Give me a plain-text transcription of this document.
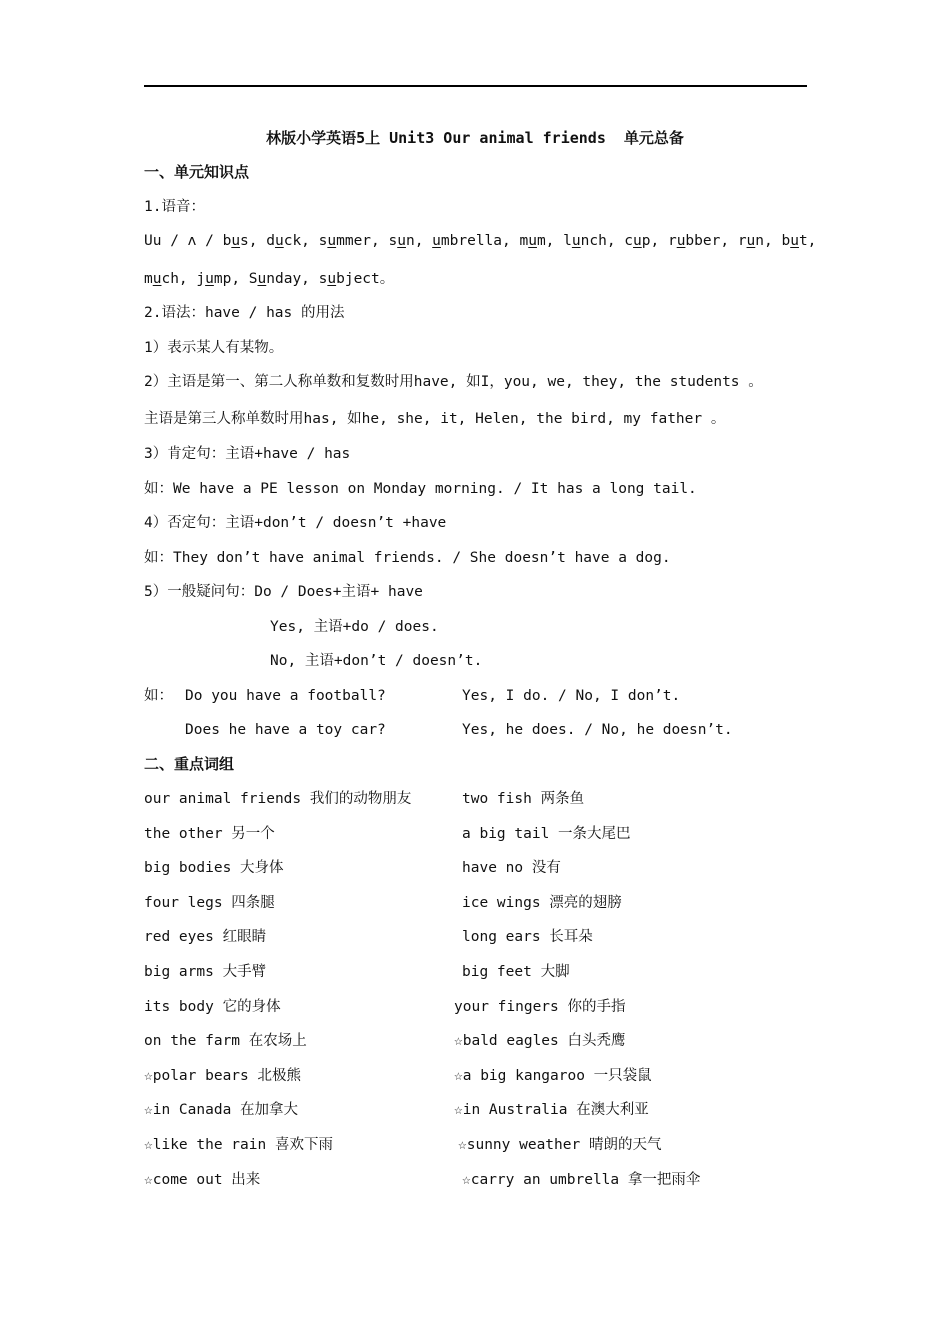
林版小学英语5上 Unit3 Our animal friends  单元总备
一、单元知识点
1.语音：
Uu / ʌ / bus, duck, summer, sun, umbrella, mum, lunch, cup, rubber, run, but,
much, jump, Sunday, subject。
2.语法：have / has 的用法
1）表示某人有某物。
2）主语是第一、第二人称单数和复数时用have, 如I，you, we, they, the students 。
主语是第三人称单数时用has, 如he, she, it, Helen, the bird, my father 。
3）肯定句：主语+have / has
如：We have a PE lesson on Monday morning. / It has a long tail.
4）否定句：主语+don’t / doesn’t +have
如：They don’t have animal friends. / She doesn’t have a dog.
5）一般疑问句：Do / Does+主语+ have
Yes, 主语+do / does.
No, 主语+don’t / doesn’t.
如： Do you have a football?	Yes, I do. / No, I don’t.
Does he have a toy car?	Yes, he does. / No, he doesn’t.
二、重点词组
our animal friends 我们的动物朋友	two fish 两条鱼
the other 另一个	a big tail 一条大尾巴
big bodies 大身体	have no 没有
four legs 四条腿	ice wings 漂亮的翅膀
red eyes 红眼睛	long ears 长耳朵
big arms 大手臂	big feet 大脚
its body 它的身体	your fingers 你的手指
on the farm 在农场上	☆bald eagles 白头秃鹰
☆polar bears 北极熊	☆a big kangaroo 一只袋鼠
☆in Canada 在加拿大	☆in Australia 在澳大利亚
☆like the rain 喜欢下雨	☆sunny weather 晴朗的天气
☆come out 出来	☆carry an umbrella 拿一把雨伞
